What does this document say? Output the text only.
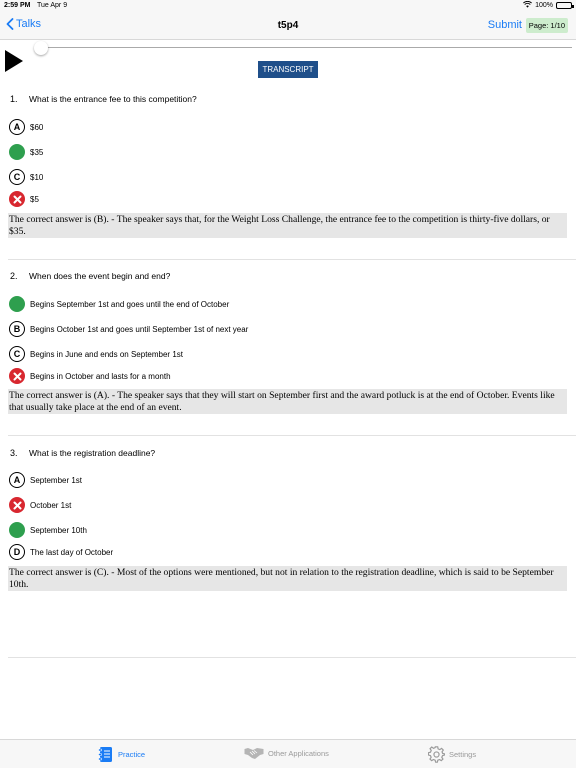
2:59 PM Tue Apr 9	100%
Talks	t5p4	Submit Page: 1/10
TRANSCRIPT
1. What is the entrance fee to this competition?
A	$60
$35
C	$10
$5
The correct answer is (B). - The speaker says that, for the Weight Loss Challenge, the entrance fee to the competition is thirty-five dollars, or $35.
2. When does the event begin and end?
Begins September 1st and goes until the end of October
B	Begins October 1st and goes until September 1st of next year
C	Begins in June and ends on September 1st
Begins in October and lasts for a month
The correct answer is (A). - The speaker says that they will start on September first and the award potluck is at the end of October. Events like that usually take place at the end of an event.
3. What is the registration deadline?
A	September 1st
October 1st
September 10th
D	The last day of October
The correct answer is (C). - Most of the options were mentioned, but not in relation to the registration deadline, which is said to be September 10th.
Practice	Other Applications	Settings
